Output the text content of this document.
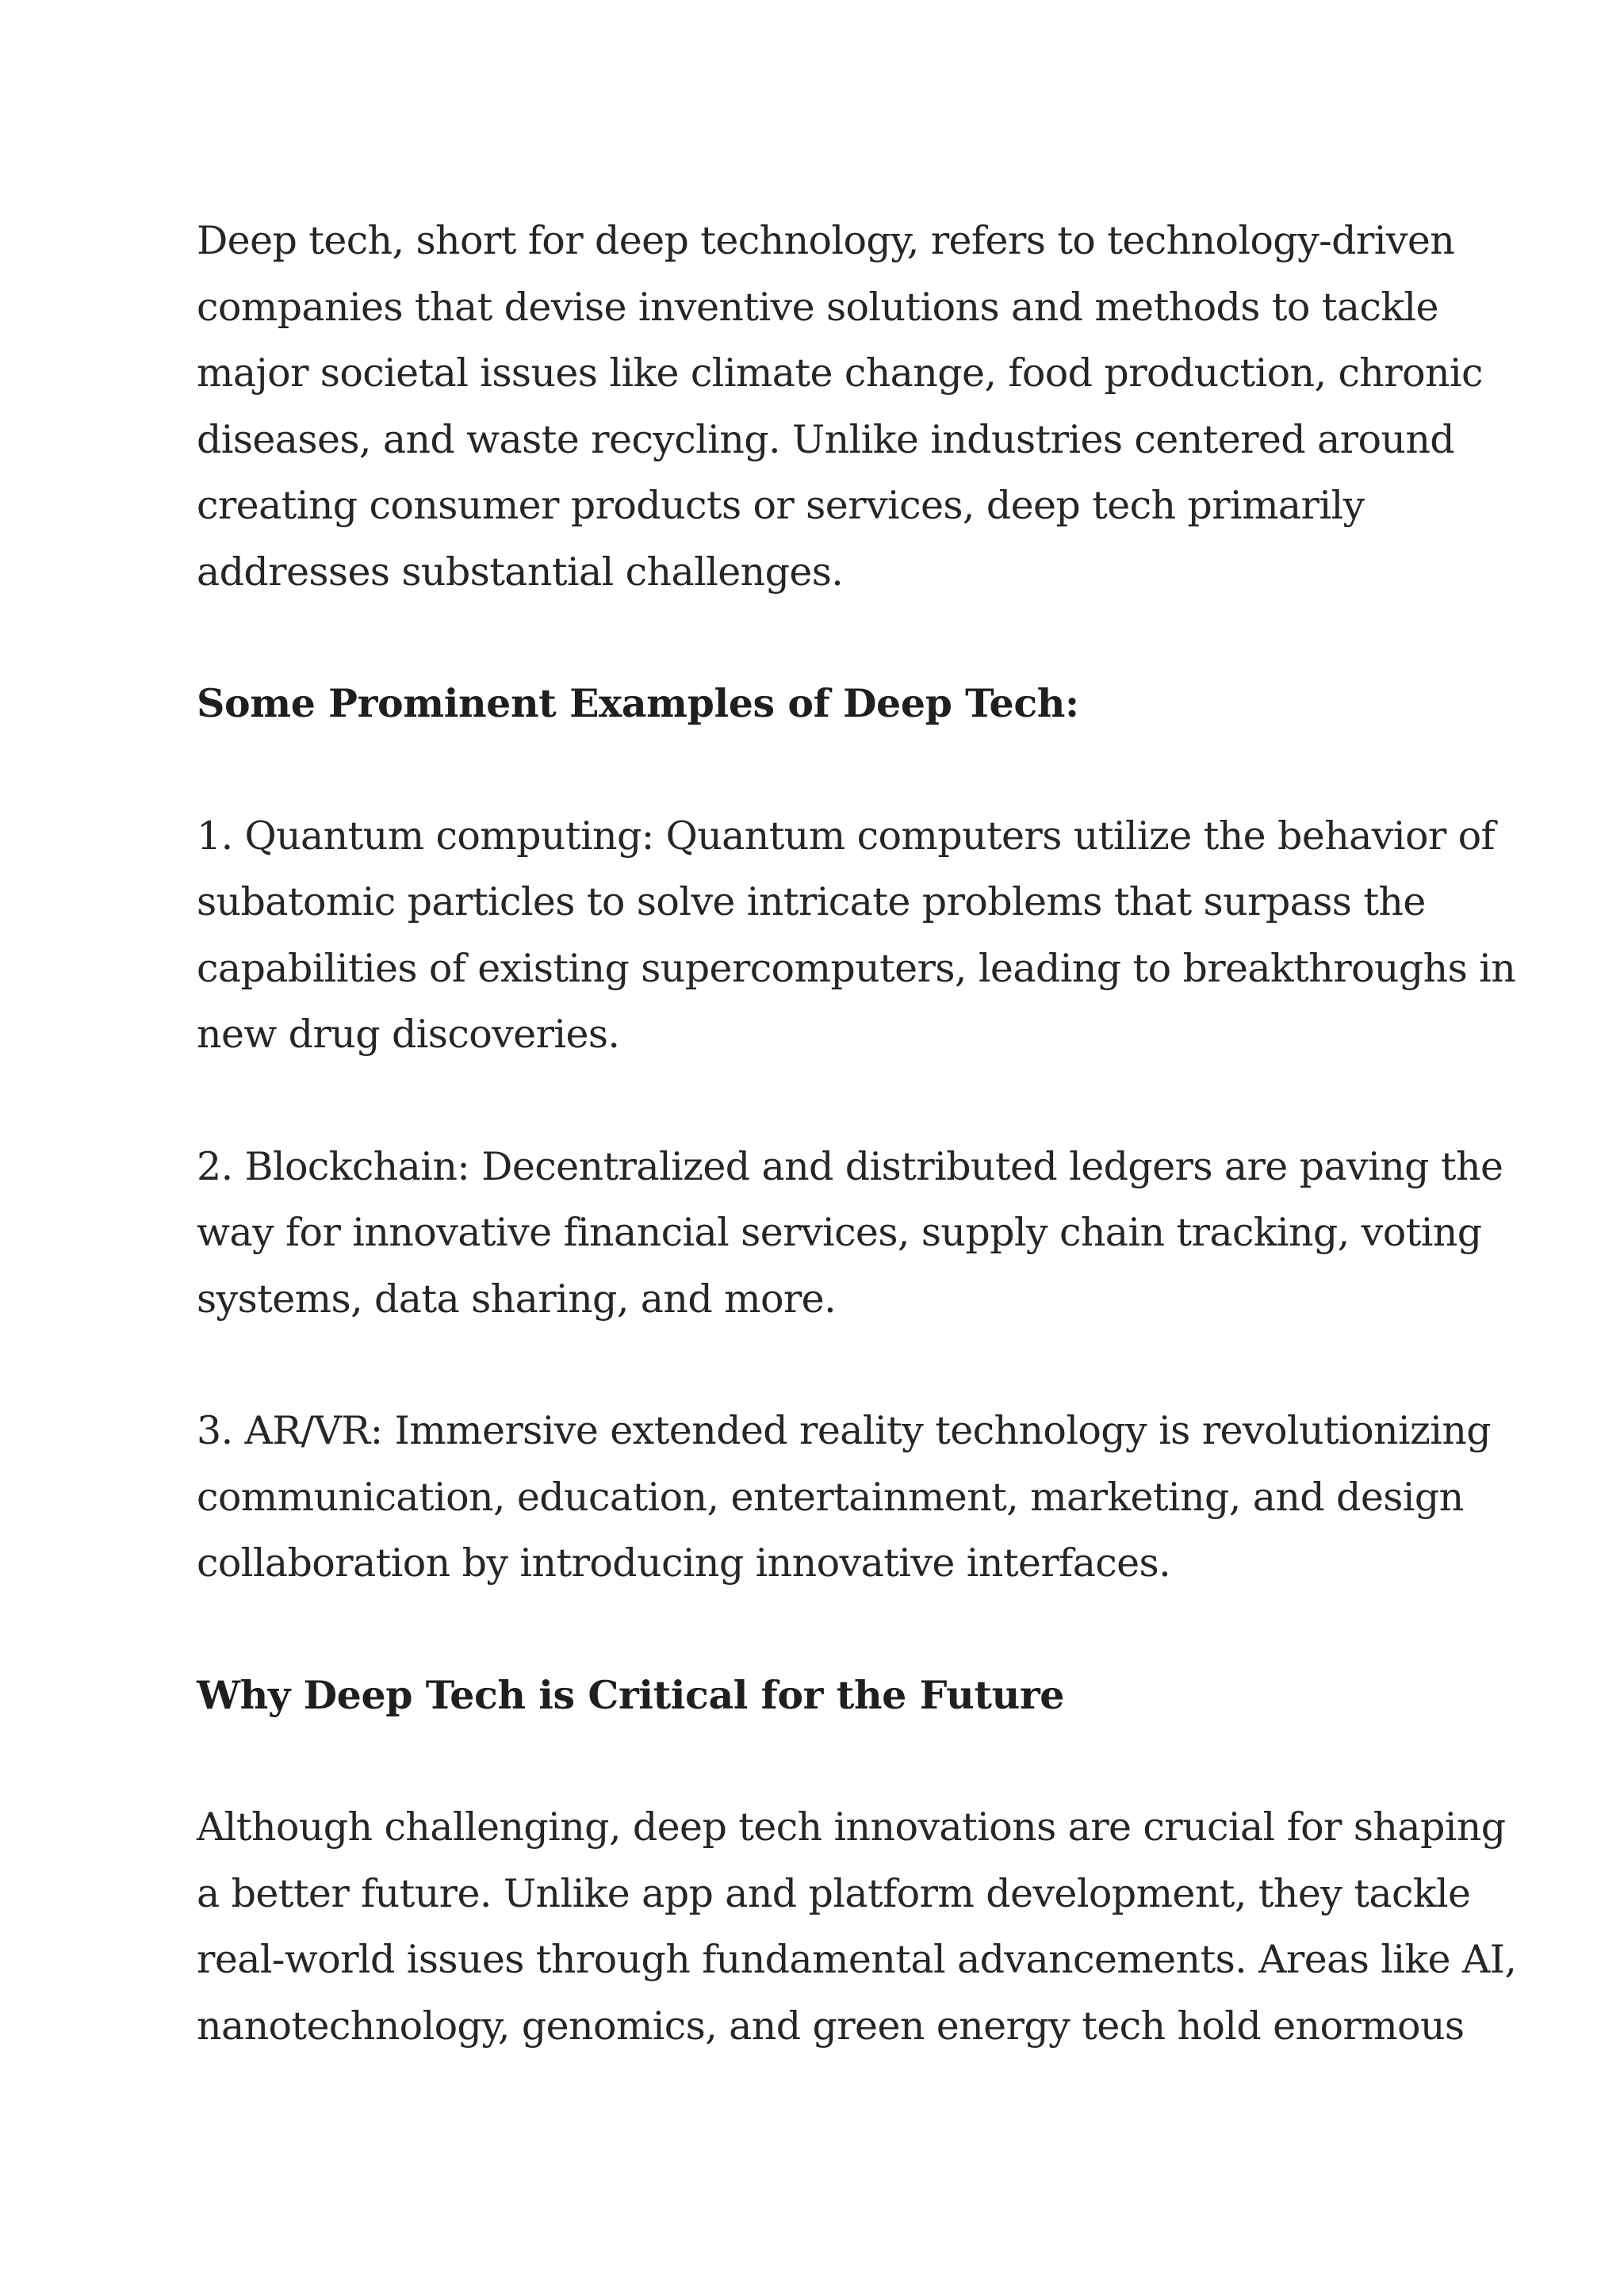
Deep tech, short for deep technology, refers to technology-driven
companies that devise inventive solutions and methods to tackle
major societal issues like climate change, food production, chronic
diseases, and waste recycling. Unlike industries centered around
creating consumer products or services, deep tech primarily
addresses substantial challenges.

Some Prominent Examples of Deep Tech:

1. Quantum computing: Quantum computers utilize the behavior of
subatomic particles to solve intricate problems that surpass the
capabilities of existing supercomputers, leading to breakthroughs in
new drug discoveries.

2. Blockchain: Decentralized and distributed ledgers are paving the
way for innovative financial services, supply chain tracking, voting
systems, data sharing, and more.

3. AR/VR: Immersive extended reality technology is revolutionizing
communication, education, entertainment, marketing, and design
collaboration by introducing innovative interfaces.

Why Deep Tech is Critical for the Future

Although challenging, deep tech innovations are crucial for shaping
a better future. Unlike app and platform development, they tackle
real-world issues through fundamental advancements. Areas like AI,
nanotechnology, genomics, and green energy tech hold enormous
